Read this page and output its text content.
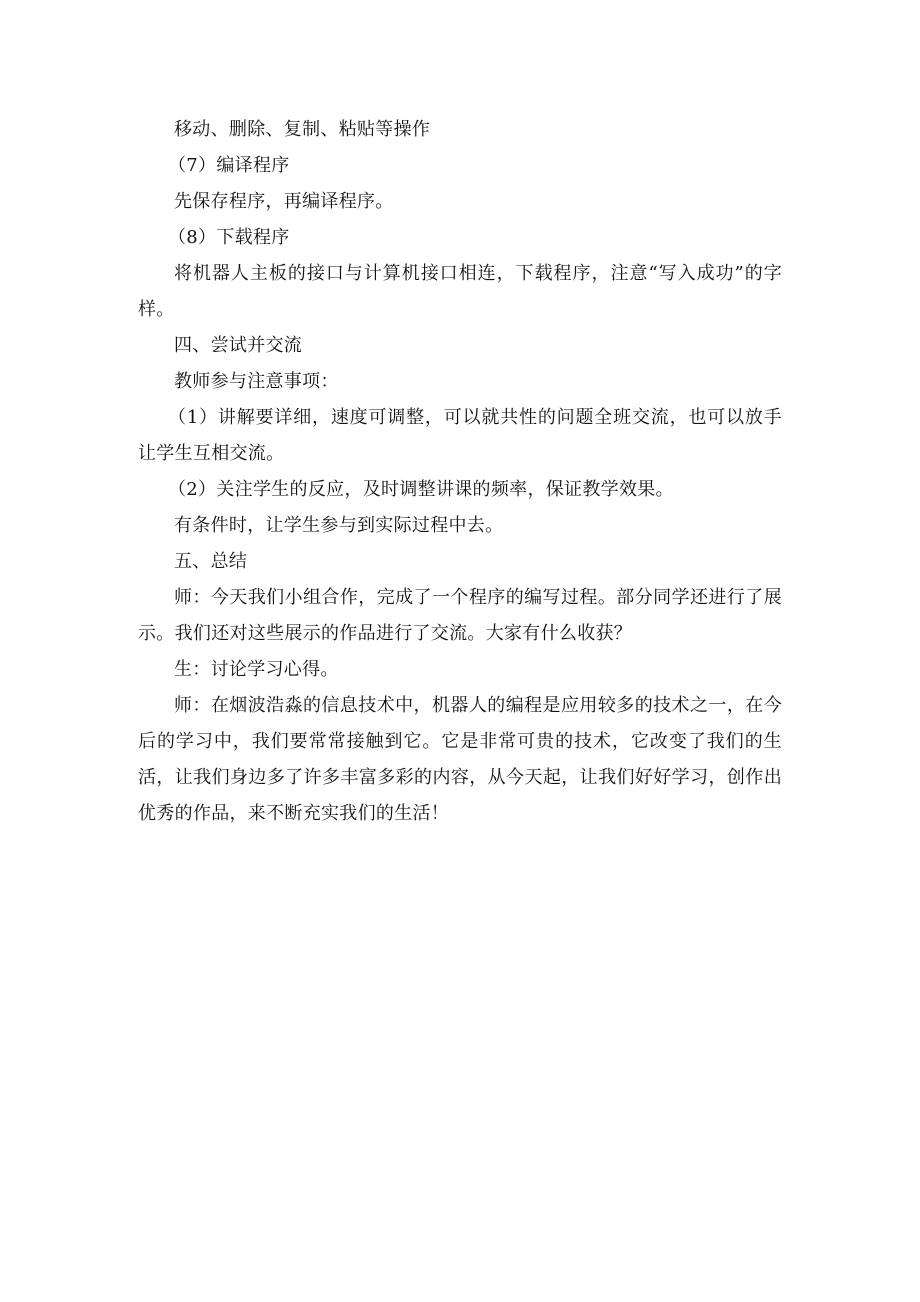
移动、删除、复制、粘贴等操作

（7）编译程序

先保存程序，再编译程序。

（8）下载程序

将机器人主板的接口与计算机接口相连，下载程序，注意“写入成功”的字样。

四、尝试并交流

教师参与注意事项：

（1）讲解要详细，速度可调整，可以就共性的问题全班交流，也可以放手让学生互相交流。

（2）关注学生的反应，及时调整讲课的频率，保证教学效果。

有条件时，让学生参与到实际过程中去。

五、总结

师：今天我们小组合作，完成了一个程序的编写过程。部分同学还进行了展示。我们还对这些展示的作品进行了交流。大家有什么收获？

生：讨论学习心得。

师：在烟波浩淼的信息技术中，机器人的编程是应用较多的技术之一，在今后的学习中，我们要常常接触到它。它是非常可贵的技术，它改变了我们的生活，让我们身边多了许多丰富多彩的内容，从今天起，让我们好好学习，创作出优秀的作品，来不断充实我们的生活！
